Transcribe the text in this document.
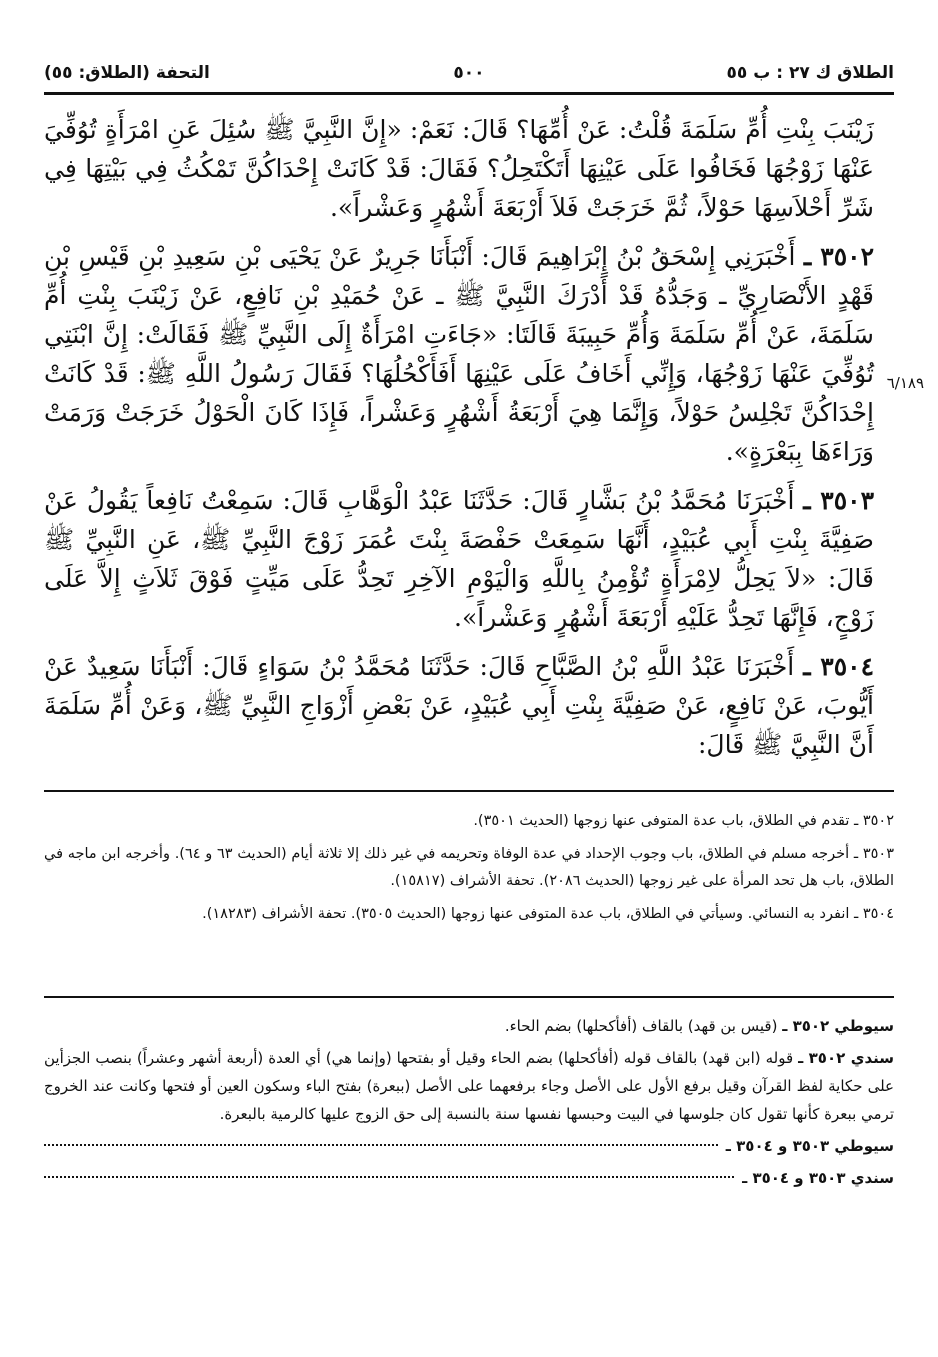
الطلاق ك ٢٧ : ب ٥٥
٥٠٠
التحفة (الطلاق: ٥٥)
٦/١٨٩

زَيْنَبَ بِنْتِ أُمِّ سَلَمَةَ قُلْتُ: عَنْ أُمِّهَا؟ قَالَ: نَعَمْ: «إِنَّ النَّبِيَّ ﷺ سُئِلَ عَنِ امْرَأَةٍ تُوُفِّيَ عَنْهَا زَوْجُهَا فَخَافُوا عَلَى عَيْنِهَا أَتَكْتَحِلُ؟ فَقَالَ: قَدْ كَانَتْ إِحْدَاكُنَّ تَمْكُثُ فِي بَيْتِهَا فِي شَرِّ أَحْلاَسِهَا حَوْلاً، ثُمَّ خَرَجَتْ فَلاَ أَرْبَعَةَ أَشْهُرٍ وَعَشْراً».

٣٥٠٢ ـ أَخْبَرَنِي إِسْحَقُ بْنُ إِبْرَاهِيمَ قَالَ: أَنْبَأَنَا جَرِيرٌ عَنْ يَحْيَى بْنِ سَعِيدِ بْنِ قَيْسِ بْنِ قَهْدٍ الأَنْصَارِيِّ ـ وَجَدُّهُ قَدْ أَدْرَكَ النَّبِيَّ ﷺ ـ عَنْ حُمَيْدِ بْنِ نَافِعٍ، عَنْ زَيْنَبَ بِنْتِ أُمِّ سَلَمَةَ، عَنْ أُمِّ سَلَمَةَ وَأُمِّ حَبِيبَةَ قَالَتَا: «جَاءَتِ امْرَأَةٌ إِلَى النَّبِيِّ ﷺ فَقَالَتْ: إِنَّ ابْنَتِي تُوُفِّيَ عَنْهَا زَوْجُهَا، وَإِنِّي أَخَافُ عَلَى عَيْنِهَا أَفَأَكْحُلُهَا؟ فَقَالَ رَسُولُ اللَّهِ ﷺ: قَدْ كَانَتْ إِحْدَاكُنَّ تَجْلِسُ حَوْلاً، وَإِنَّمَا هِيَ أَرْبَعَةُ أَشْهُرٍ وَعَشْراً، فَإِذَا كَانَ الْحَوْلُ خَرَجَتْ وَرَمَتْ وَرَاءَهَا بِبَعْرَةٍ».

٣٥٠٣ ـ أَخْبَرَنَا مُحَمَّدُ بْنُ بَشَّارٍ قَالَ: حَدَّثَنَا عَبْدُ الْوَهَّابِ قَالَ: سَمِعْتُ نَافِعاً يَقُولُ عَنْ صَفِيَّةَ بِنْتِ أَبِي عُبَيْدٍ، أَنَّهَا سَمِعَتْ حَفْصَةَ بِنْتَ عُمَرَ زَوْجَ النَّبِيِّ ﷺ، عَنِ النَّبِيِّ ﷺ قَالَ: «لاَ يَحِلُّ لاِمْرَأَةٍ تُؤْمِنُ بِاللَّهِ وَالْيَوْمِ الآخِرِ تَحِدُّ عَلَى مَيِّتٍ فَوْقَ ثَلاَثٍ إِلاَّ عَلَى زَوْجٍ، فَإِنَّهَا تَحِدُّ عَلَيْهِ أَرْبَعَةَ أَشْهُرٍ وَعَشْراً».

٣٥٠٤ ـ أَخْبَرَنَا عَبْدُ اللَّهِ بْنُ الصَّبَّاحِ قَالَ: حَدَّثَنَا مُحَمَّدُ بْنُ سَوَاءٍ قَالَ: أَنْبَأَنَا سَعِيدٌ عَنْ أَيُّوبَ، عَنْ نَافِعٍ، عَنْ صَفِيَّةَ بِنْتِ أَبِي عُبَيْدٍ، عَنْ بَعْضِ أَزْوَاجِ النَّبِيِّ ﷺ، وَعَنْ أُمِّ سَلَمَةَ أَنَّ النَّبِيَّ ﷺ قَالَ:

٣٥٠٢ ـ تقدم في الطلاق، باب عدة المتوفى عنها زوجها (الحديث ٣٥٠١).

٣٥٠٣ ـ أخرجه مسلم في الطلاق، باب وجوب الإحداد في عدة الوفاة وتحريمه في غير ذلك إلا ثلاثة أيام (الحديث ٦٣ و ٦٤). وأخرجه ابن ماجه في الطلاق، باب هل تحد المرأة على غير زوجها (الحديث ٢٠٨٦). تحفة الأشراف (١٥٨١٧).

٣٥٠٤ ـ انفرد به النسائي. وسيأتي في الطلاق، باب عدة المتوفى عنها زوجها (الحديث ٣٥٠٥). تحفة الأشراف (١٨٢٨٣).

سيوطي ٣٥٠٢ ـ (قيس بن قهد) بالقاف (أفأكحلها) بضم الحاء.

سندي ٣٥٠٢ ـ قوله (ابن قهد) بالقاف قوله (أفأكحلها) بضم الحاء وقيل أو بفتحها (وإنما هي) أي العدة (أربعة أشهر وعشراً) بنصب الجزأين على حكاية لفظ القرآن وقيل برفع الأول على الأصل وجاء برفعهما على الأصل (ببعرة) بفتح الباء وسكون العين أو فتحها وكانت عند الخروج ترمي ببعرة كأنها تقول كان جلوسها في البيت وحبسها نفسها سنة بالنسبة إلى حق الزوج عليها كالرمية بالبعرة.

سيوطي ٣٥٠٣ و ٣٥٠٤ ـ

سندي ٣٥٠٣ و ٣٥٠٤ ـ
